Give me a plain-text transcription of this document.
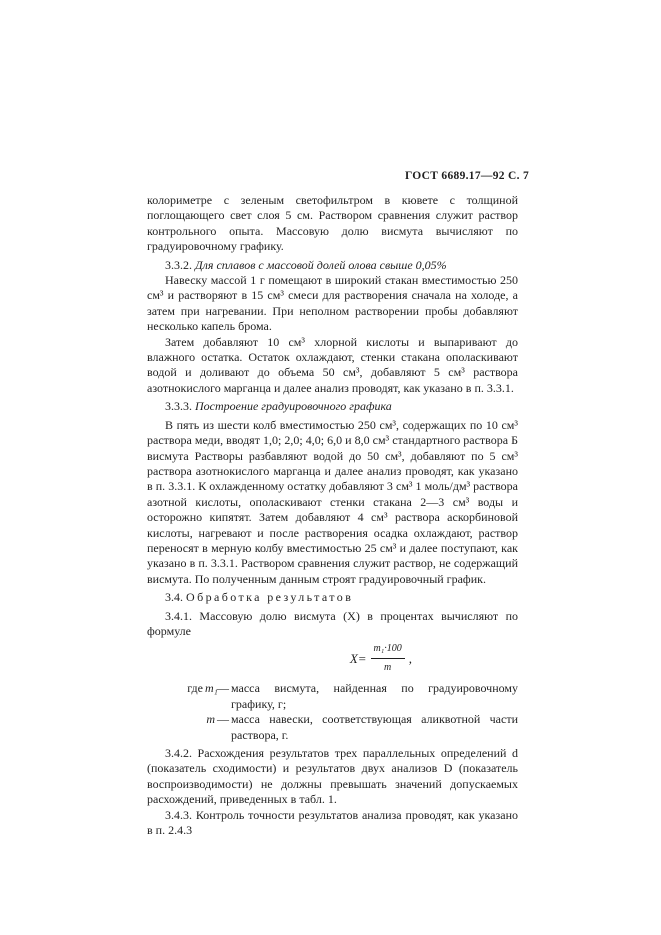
ГОСТ 6689.17—92 С. 7

колориметре с зеленым светофильтром в кювете с толщиной поглощающего свет слоя 5 см. Раствором сравнения служит раствор контрольного опыта. Массовую долю висмута вычисляют по градуировочному графику.

3.3.2. Для сплавов с массовой долей олова свыше 0,05%

Навеску массой 1 г помещают в широкий стакан вместимостью 250 см³ и растворяют в 15 см³ смеси для растворения сначала на холоде, а затем при нагревании. При неполном растворении пробы добавляют несколько капель брома.

Затем добавляют 10 см³ хлорной кислоты и выпаривают до влажного остатка. Остаток охлаждают, стенки стакана ополаскивают водой и доливают до объема 50 см³, добавляют 5 см³ раствора азотнокислого марганца и далее анализ проводят, как указано в п. 3.3.1.

3.3.3. Построение градуировочного графика

В пять из шести колб вместимостью 250 см³, содержащих по 10 см³ раствора меди, вводят 1,0; 2,0; 4,0; 6,0 и 8,0 см³ стандартного раствора Б висмута Растворы разбавляют водой до 50 см³, добавляют по 5 см³ раствора азотнокислого марганца и далее анализ проводят, как указано в п. 3.3.1. К охлажденному остатку добавляют 3 см³ 1 моль/дм³ раствора азотной кислоты, ополаскивают стенки стакана 2—3 см³ воды и осторожно кипятят. Затем добавляют 4 см³ раствора аскорбиновой кислоты, нагревают и после растворения осадка охлаждают, раствор переносят в мерную колбу вместимостью 25 см³ и далее поступают, как указано в п. 3.3.1. Раствором сравнения служит раствор, не содержащий висмута. По полученным данным строят градуировочный график.

3.4. Обработка результатов

3.4.1. Массовую долю висмута (X) в процентах вычисляют по формуле

$X= \frac{\text{m₁·100}}{m}$ ,
где m₁ — масса висмута, найденная по градуировочному графику, г;
m — масса навески, соответствующая аликвотной части раствора, г.

3.4.2. Расхождения результатов трех параллельных определений d (показатель сходимости) и результатов двух анализов D (показатель воспроизводимости) не должны превышать значений допускаемых расхождений, приведенных в табл. 1.

3.4.3. Контроль точности результатов анализа проводят, как указано в п. 2.4.3
